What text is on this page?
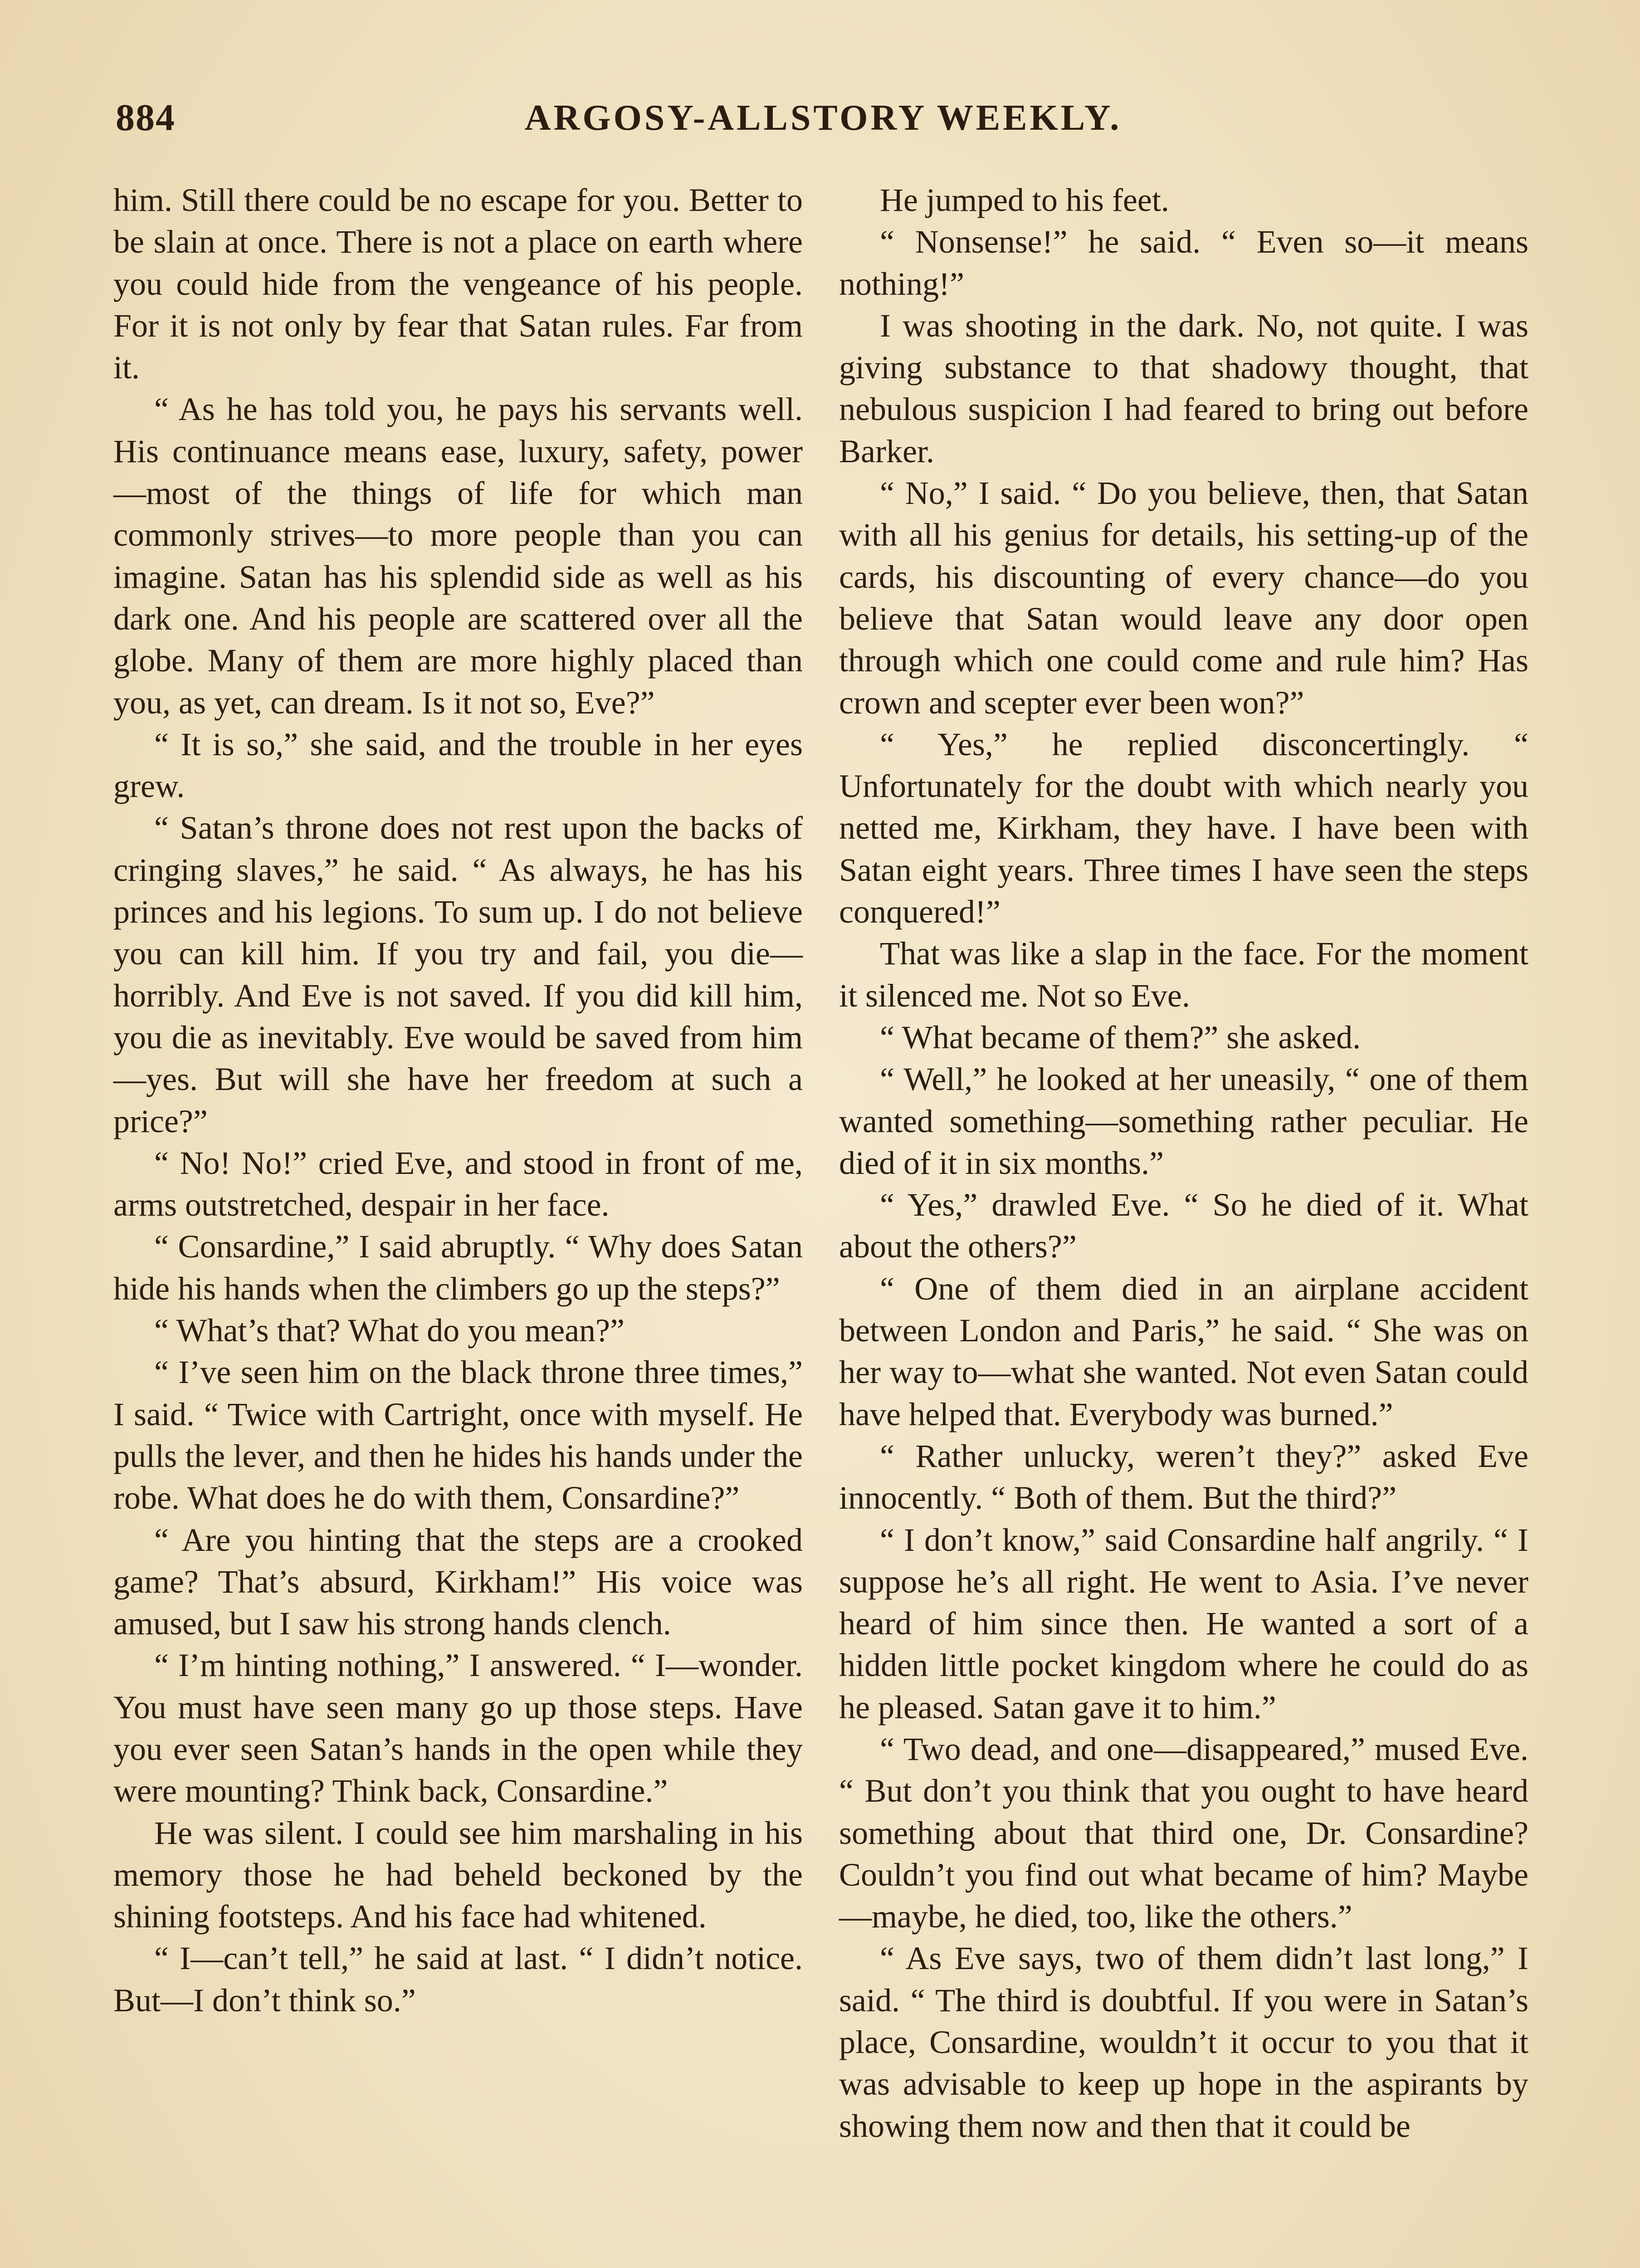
884	ARGOSY-ALLSTORY WEEKLY.

him. Still there could be no escape for you. Better to be slain at once. There is not a place on earth where you could hide from the vengeance of his people. For it is not only by fear that Satan rules. Far from it.

“ As he has told you, he pays his servants well. His continuance means ease, luxury, safety, power—most of the things of life for which man commonly strives—to more people than you can imagine. Satan has his splendid side as well as his dark one. And his people are scattered over all the globe. Many of them are more highly placed than you, as yet, can dream. Is it not so, Eve?”

“ It is so,” she said, and the trouble in her eyes grew.

“ Satan’s throne does not rest upon the backs of cringing slaves,” he said. “ As always, he has his princes and his legions. To sum up. I do not believe you can kill him. If you try and fail, you die—horribly. And Eve is not saved. If you did kill him, you die as inevitably. Eve would be saved from him—yes. But will she have her freedom at such a price?”

“ No! No!” cried Eve, and stood in front of me, arms outstretched, despair in her face.

“ Consardine,” I said abruptly. “ Why does Satan hide his hands when the climbers go up the steps?”

“ What’s that? What do you mean?”

“ I’ve seen him on the black throne three times,” I said. “ Twice with Cartright, once with myself. He pulls the lever, and then he hides his hands under the robe. What does he do with them, Consardine?”

“ Are you hinting that the steps are a crooked game? That’s absurd, Kirkham!” His voice was amused, but I saw his strong hands clench.

“ I’m hinting nothing,” I answered. “ I—wonder. You must have seen many go up those steps. Have you ever seen Satan’s hands in the open while they were mounting? Think back, Consardine.”

He was silent. I could see him marshaling in his memory those he had beheld beckoned by the shining footsteps. And his face had whitened.

“ I—can’t tell,” he said at last. “ I didn’t notice. But—I don’t think so.”

He jumped to his feet.

“ Nonsense!” he said. “ Even so—it means nothing!”

I was shooting in the dark. No, not quite. I was giving substance to that shadowy thought, that nebulous suspicion I had feared to bring out before Barker.

“ No,” I said. “ Do you believe, then, that Satan with all his genius for details, his setting-up of the cards, his discounting of every chance—do you believe that Satan would leave any door open through which one could come and rule him? Has crown and scepter ever been won?”

“ Yes,” he replied disconcertingly. “ Unfortunately for the doubt with which nearly you netted me, Kirkham, they have. I have been with Satan eight years. Three times I have seen the steps conquered!”

That was like a slap in the face. For the moment it silenced me. Not so Eve.

“ What became of them?” she asked.

“ Well,” he looked at her uneasily, “ one of them wanted something—something rather peculiar. He died of it in six months.”

“ Yes,” drawled Eve. “ So he died of it. What about the others?”

“ One of them died in an airplane accident between London and Paris,” he said. “ She was on her way to—what she wanted. Not even Satan could have helped that. Everybody was burned.”

“ Rather unlucky, weren’t they?” asked Eve innocently. “ Both of them. But the third?”

“ I don’t know,” said Consardine half angrily. “ I suppose he’s all right. He went to Asia. I’ve never heard of him since then. He wanted a sort of a hidden little pocket kingdom where he could do as he pleased. Satan gave it to him.”

“ Two dead, and one—disappeared,” mused Eve. “ But don’t you think that you ought to have heard something about that third one, Dr. Consardine? Couldn’t you find out what became of him? Maybe—maybe, he died, too, like the others.”

“ As Eve says, two of them didn’t last long,” I said. “ The third is doubtful. If you were in Satan’s place, Consardine, wouldn’t it occur to you that it was advisable to keep up hope in the aspirants by showing them now and then that it could be
